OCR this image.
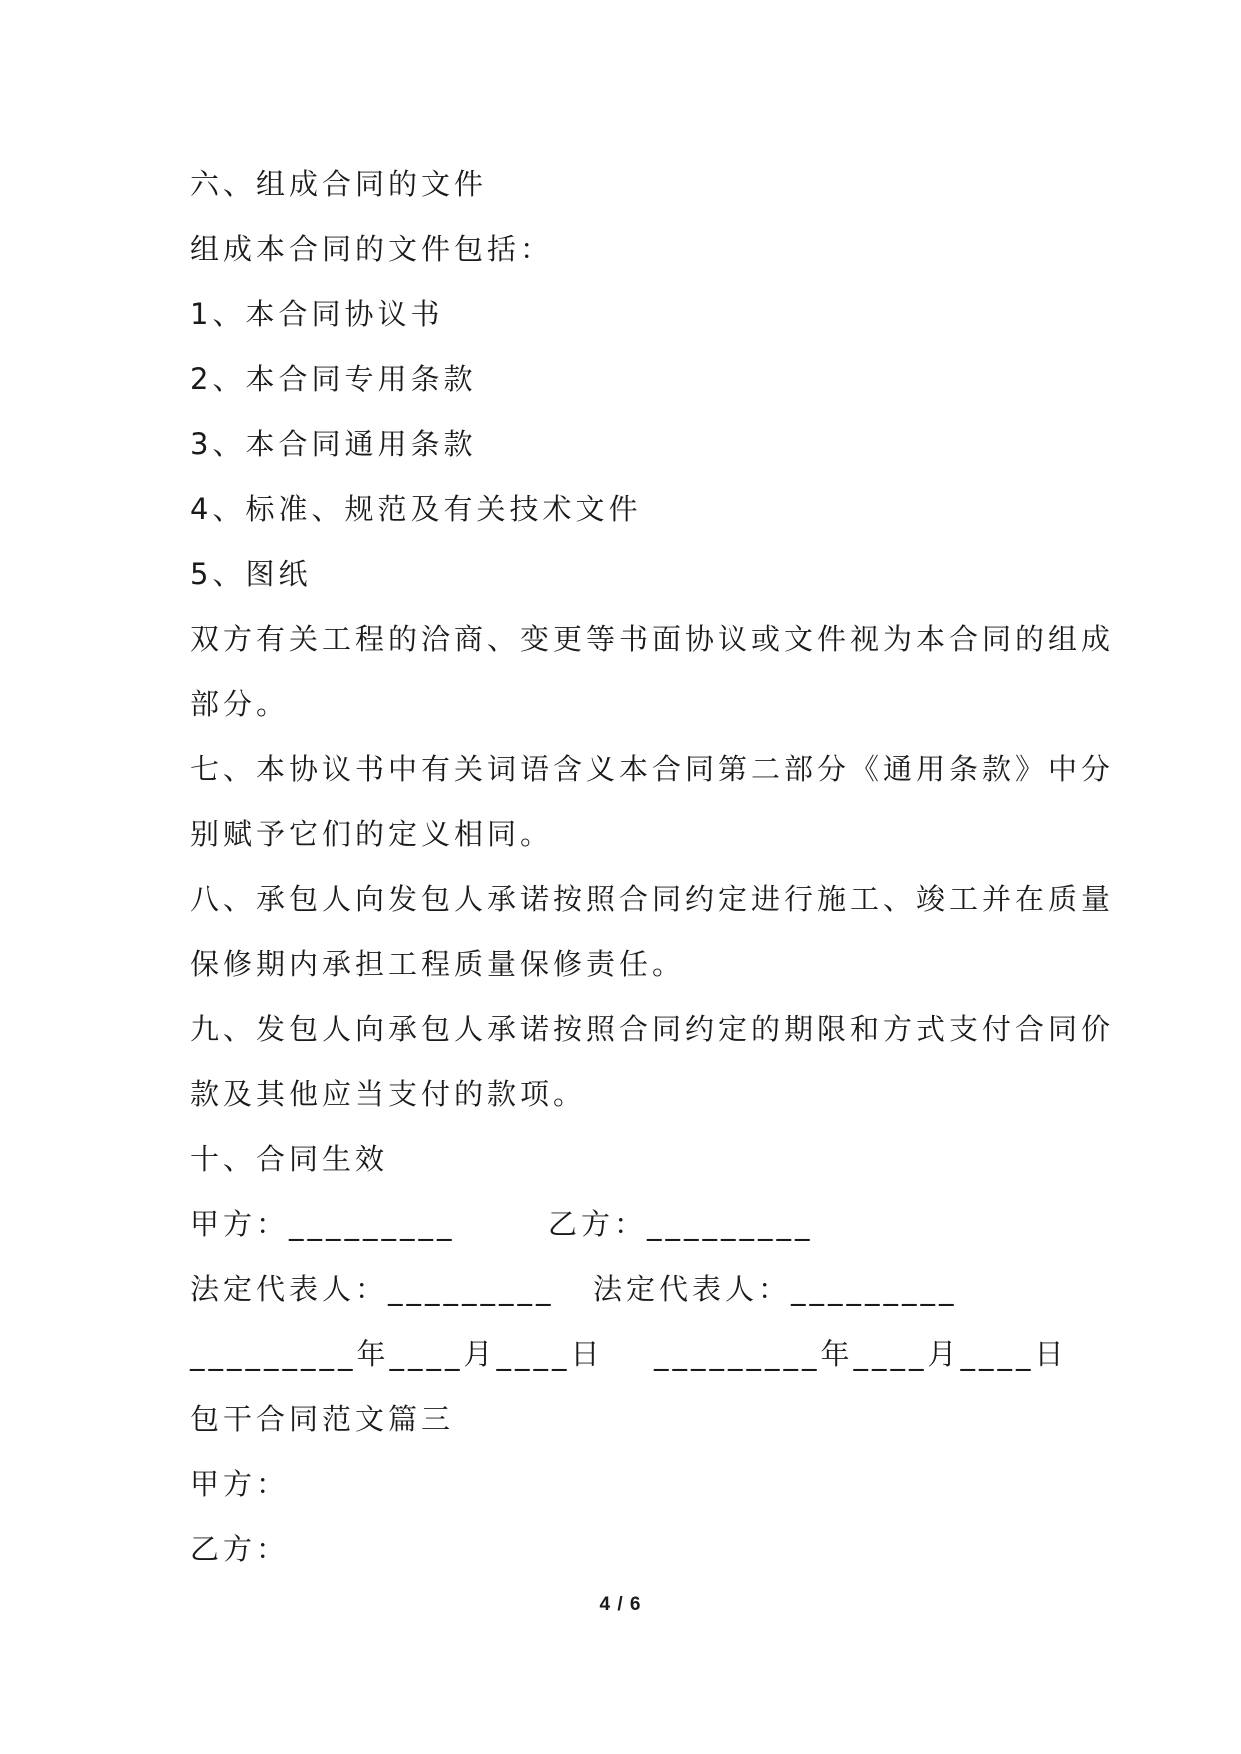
六、组成合同的文件
组成本合同的文件包括：
1、本合同协议书
2、本合同专用条款
3、本合同通用条款
4、标准、规范及有关技术文件
5、图纸
双方有关工程的洽商、变更等书面协议或文件视为本合同的组成
部分。
七、本协议书中有关词语含义本合同第二部分《通用条款》中分
别赋予它们的定义相同。
八、承包人向发包人承诺按照合同约定进行施工、竣工并在质量
保修期内承担工程质量保修责任。
九、发包人向承包人承诺按照合同约定的期限和方式支付合同价
款及其他应当支付的款项。
十、合同生效
甲方：_________	乙方：_________
法定代表人：_________ 法定代表人：_________
_________年____月____日 _________年____月____日
包干合同范文篇三
甲方：
乙方：
4 / 6
